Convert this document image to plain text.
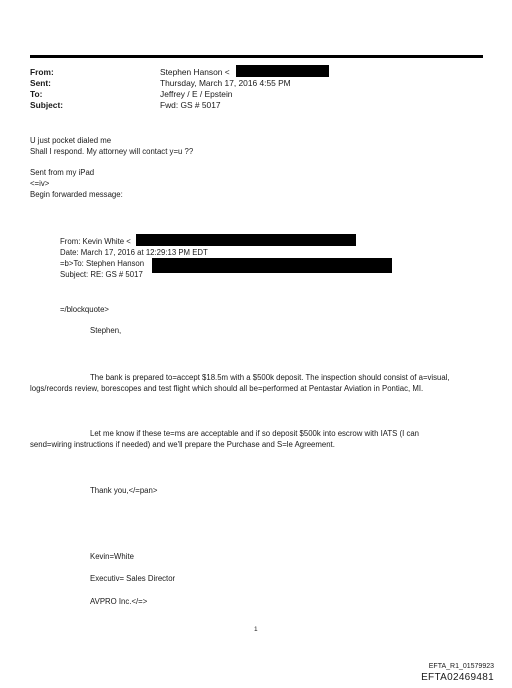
From:	Stephen Hanson <
Sent:	Thursday, March 17, 2016 4:55 PM
To:	Jeffrey / E / Epstein
Subject:	Fwd: GS # 5017
U just pocket dialed me
Shall I respond. My attorney will contact y=u ??
Sent from my iPad
<=iv>
Begin forwarded message:
From: Kevin White <
Date: March 17, 2016 at 12:29:13 PM EDT
=b>To: Stephen Hanson
Subject: RE: GS # 5017
=/blockquote>
Stephen,
The bank is prepared to=accept $18.5m with a $500k deposit. The inspection should consist of a=visual,
logs/records review, borescopes and test flight which should all be=performed at Pentastar Aviation in Pontiac, MI.
Let me know if these te=ms are acceptable and if so deposit $500k into escrow with IATS (I can
send=wiring instructions if needed) and we'll prepare the Purchase and S=le Agreement.
Thank you,</=pan>
Kevin=White
Executiv= Sales Director
AVPRO Inc.</=>
1
EFTA_R1_01579923
EFTA02469481
